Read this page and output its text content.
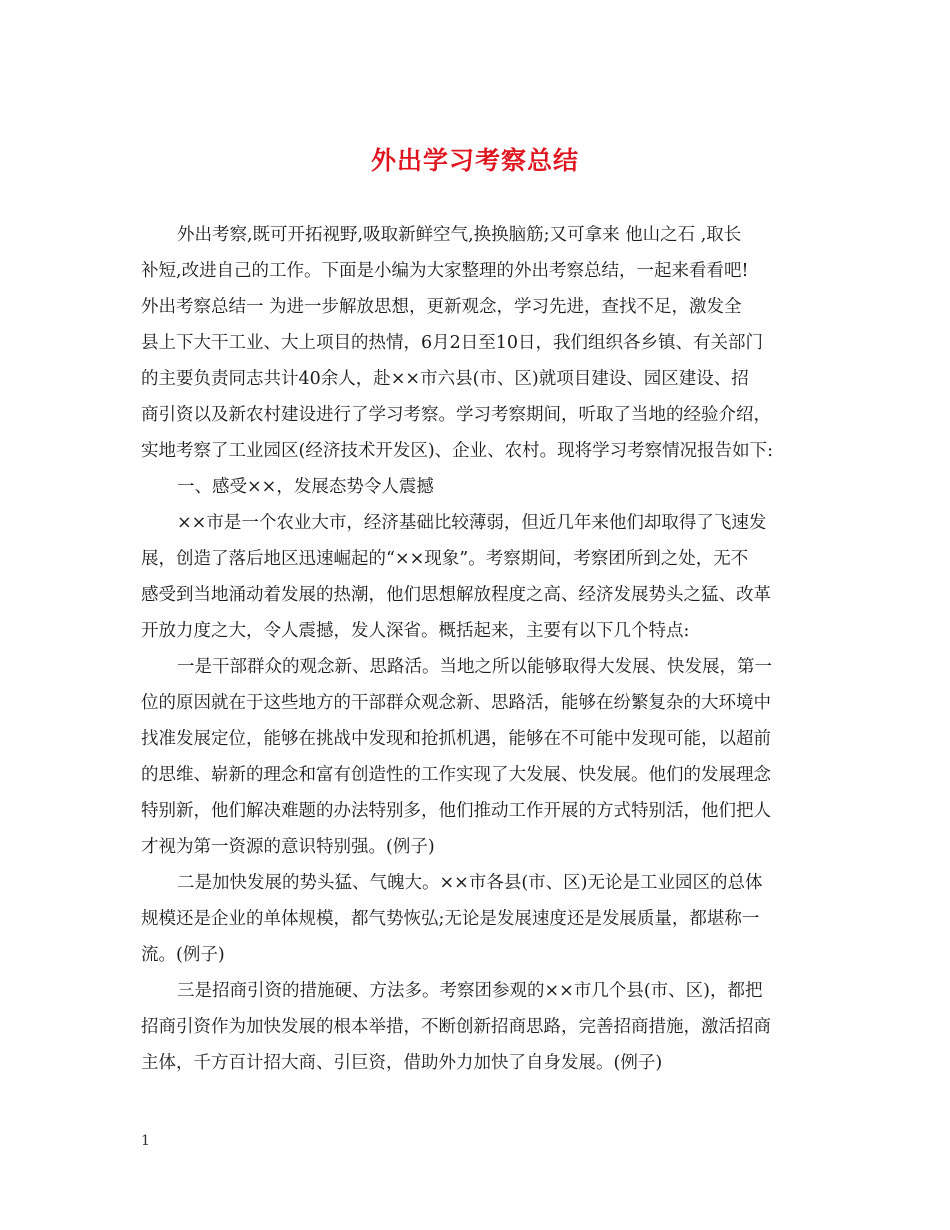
外出学习考察总结
外出考察,既可开拓视野,吸取新鲜空气,换换脑筋;又可拿来 他山之石 ,取长
补短,改进自己的工作。下面是小编为大家整理的外出考察总结，一起来看看吧!
外出考察总结一 为进一步解放思想，更新观念，学习先进，查找不足，激发全
县上下大干工业、大上项目的热情，6月2日至10日，我们组织各乡镇、有关部门
的主要负责同志共计40余人，赴××市六县(市、区)就项目建设、园区建设、招
商引资以及新农村建设进行了学习考察。学习考察期间，听取了当地的经验介绍，
实地考察了工业园区(经济技术开发区)、企业、农村。现将学习考察情况报告如下:
一、感受××，发展态势令人震撼
××市是一个农业大市，经济基础比较薄弱，但近几年来他们却取得了飞速发
展，创造了落后地区迅速崛起的“××现象”。考察期间，考察团所到之处，无不
感受到当地涌动着发展的热潮，他们思想解放程度之高、经济发展势头之猛、改革
开放力度之大，令人震撼，发人深省。概括起来，主要有以下几个特点:
一是干部群众的观念新、思路活。当地之所以能够取得大发展、快发展，第一
位的原因就在于这些地方的干部群众观念新、思路活，能够在纷繁复杂的大环境中
找准发展定位，能够在挑战中发现和抢抓机遇，能够在不可能中发现可能，以超前
的思维、崭新的理念和富有创造性的工作实现了大发展、快发展。他们的发展理念
特别新，他们解决难题的办法特别多，他们推动工作开展的方式特别活，他们把人
才视为第一资源的意识特别强。(例子)
二是加快发展的势头猛、气魄大。××市各县(市、区)无论是工业园区的总体
规模还是企业的单体规模，都气势恢弘;无论是发展速度还是发展质量，都堪称一
流。(例子)
三是招商引资的措施硬、方法多。考察团参观的××市几个县(市、区)，都把
招商引资作为加快发展的根本举措，不断创新招商思路，完善招商措施，激活招商
主体，千方百计招大商、引巨资，借助外力加快了自身发展。(例子)
1
